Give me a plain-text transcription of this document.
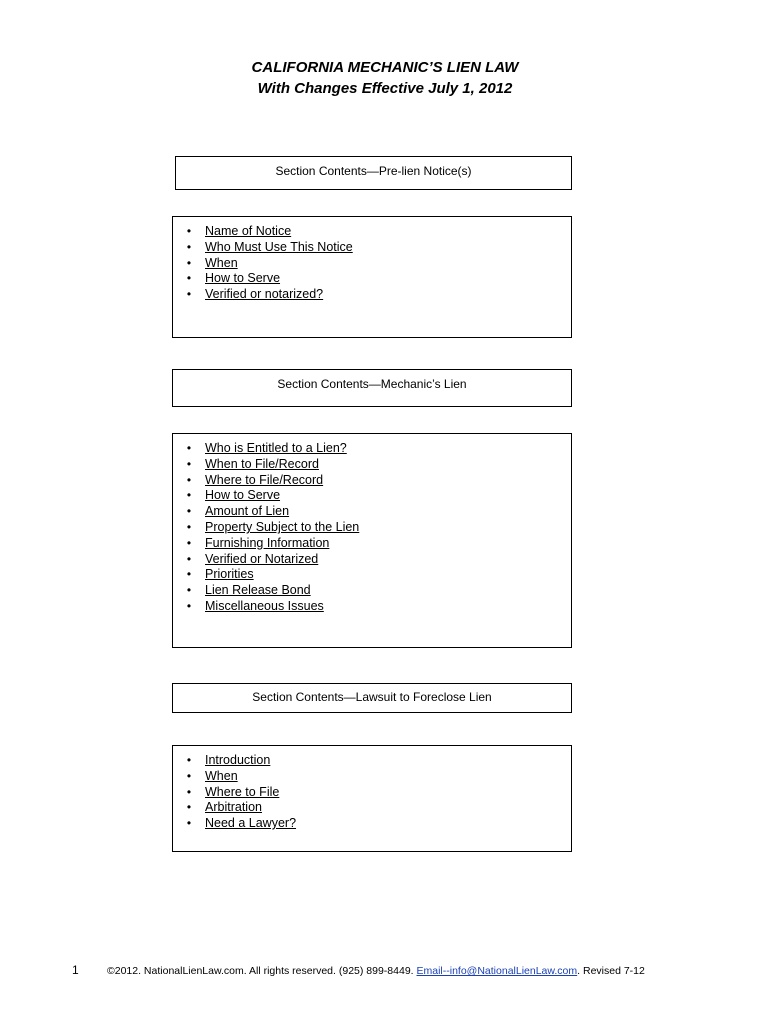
CALIFORNIA MECHANIC’S LIEN LAW
With Changes Effective July 1, 2012
Section Contents—Pre-lien Notice(s)
•	Name of Notice
•	Who Must Use This Notice
•	When
•	How to Serve
•	Verified or notarized?
Section Contents—Mechanic’s Lien
•	Who is Entitled to a Lien?
•	When to File/Record
•	Where to File/Record
•	How to Serve
•	Amount of Lien
•	Property Subject to the Lien
•	Furnishing Information
•	Verified or Notarized
•	Priorities
•	Lien Release Bond
•	Miscellaneous Issues
Section Contents—Lawsuit to Foreclose Lien
•	Introduction
•	When
•	Where to File
•	Arbitration
•	Need a Lawyer?
1	©2012. NationalLienLaw.com. All rights reserved. (925) 899-8449. Email--info@NationalLienLaw.com. Revised 7-12
